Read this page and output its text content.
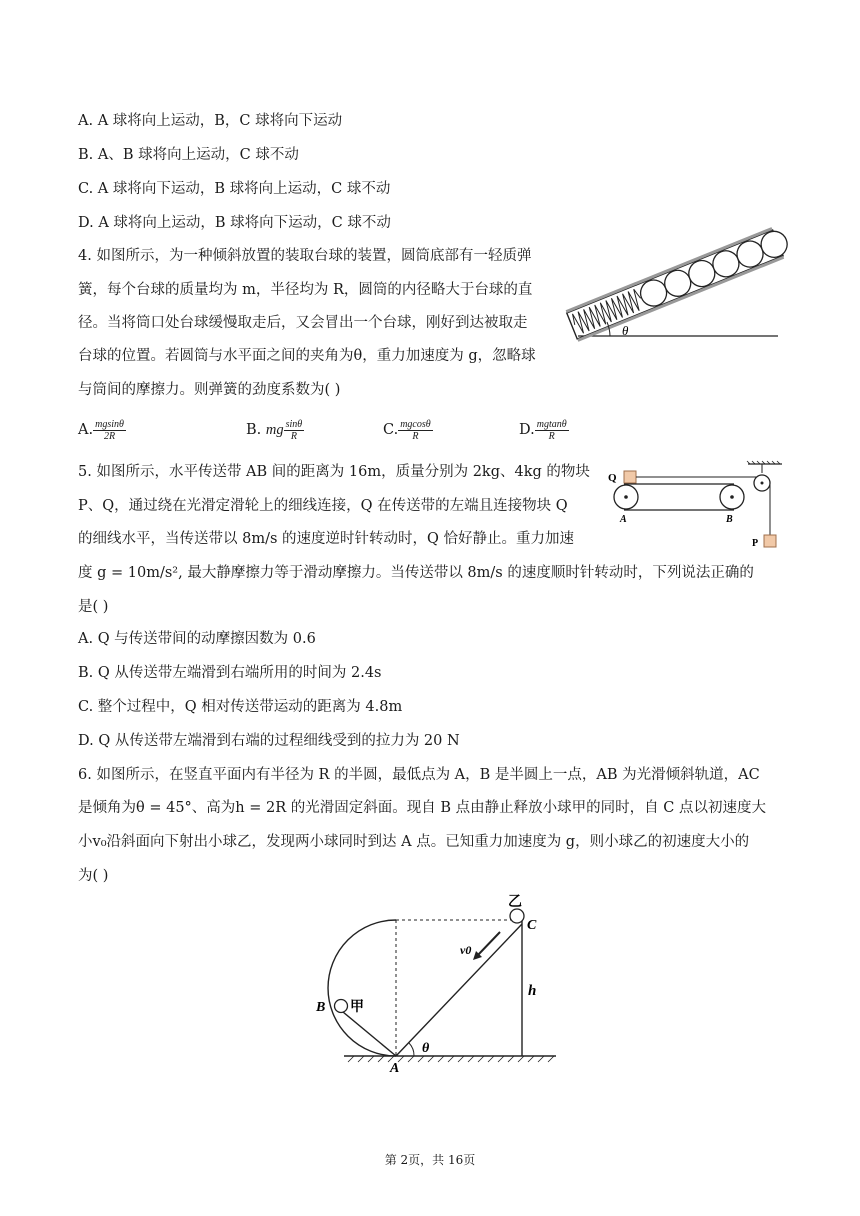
A. A 球将向上运动，B，C 球将向下运动
B. A、B 球将向上运动，C 球不动
C. A 球将向下运动，B 球将向上运动，C 球不动
D. A 球将向上运动，B 球将向下运动，C 球不动
4. 如图所示，为一种倾斜放置的装取台球的装置，圆筒底部有一轻质弹
簧，每个台球的质量均为 m，半径均为 R，圆筒的内径略大于台球的直
径。当将筒口处台球缓慢取走后，又会冒出一个台球，刚好到达被取走
台球的位置。若圆筒与水平面之间的夹角为θ，重力加速度为 g，忽略球
与筒间的摩擦力。则弹簧的劲度系数为( )
θ
A. $\frac{mgsin\theta}{2R}$	B. mg $\frac{\sin\theta}{R}$	C. $\frac{mgcos\theta}{R}$	D. $\frac{mgtan\theta}{R}$
5. 如图所示，水平传送带 AB 间的距离为 16m，质量分别为 2kg、4kg 的物块
P、Q，通过绕在光滑定滑轮上的细线连接，Q 在传送带的左端且连接物块 Q
的细线水平，当传送带以 8m/s 的速度逆时针转动时，Q 恰好静止。重力加速
度 g = 10m/s², 最大静摩擦力等于滑动摩擦力。当传送带以 8m/s 的速度顺时针转动时，下列说法正确的
是( )
Q
A	B
P
A. Q 与传送带间的动摩擦因数为 0.6
B. Q 从传送带左端滑到右端所用的时间为 2.4s
C. 整个过程中，Q 相对传送带运动的距离为 4.8m
D. Q 从传送带左端滑到右端的过程细线受到的拉力为 20 N
6. 如图所示，在竖直平面内有半径为 R 的半圆，最低点为 A，B 是半圆上一点，AB 为光滑倾斜轨道，AC
是倾角为θ = 45°、高为h = 2R 的光滑固定斜面。现自 B 点由静止释放小球甲的同时，自 C 点以初速度大
小v₀沿斜面向下射出小球乙，发现两小球同时到达 A 点。已知重力加速度为 g，则小球乙的初速度大小的
为( )
乙
C
v0
B 甲
h
θ
A
第 2页，共 16页
